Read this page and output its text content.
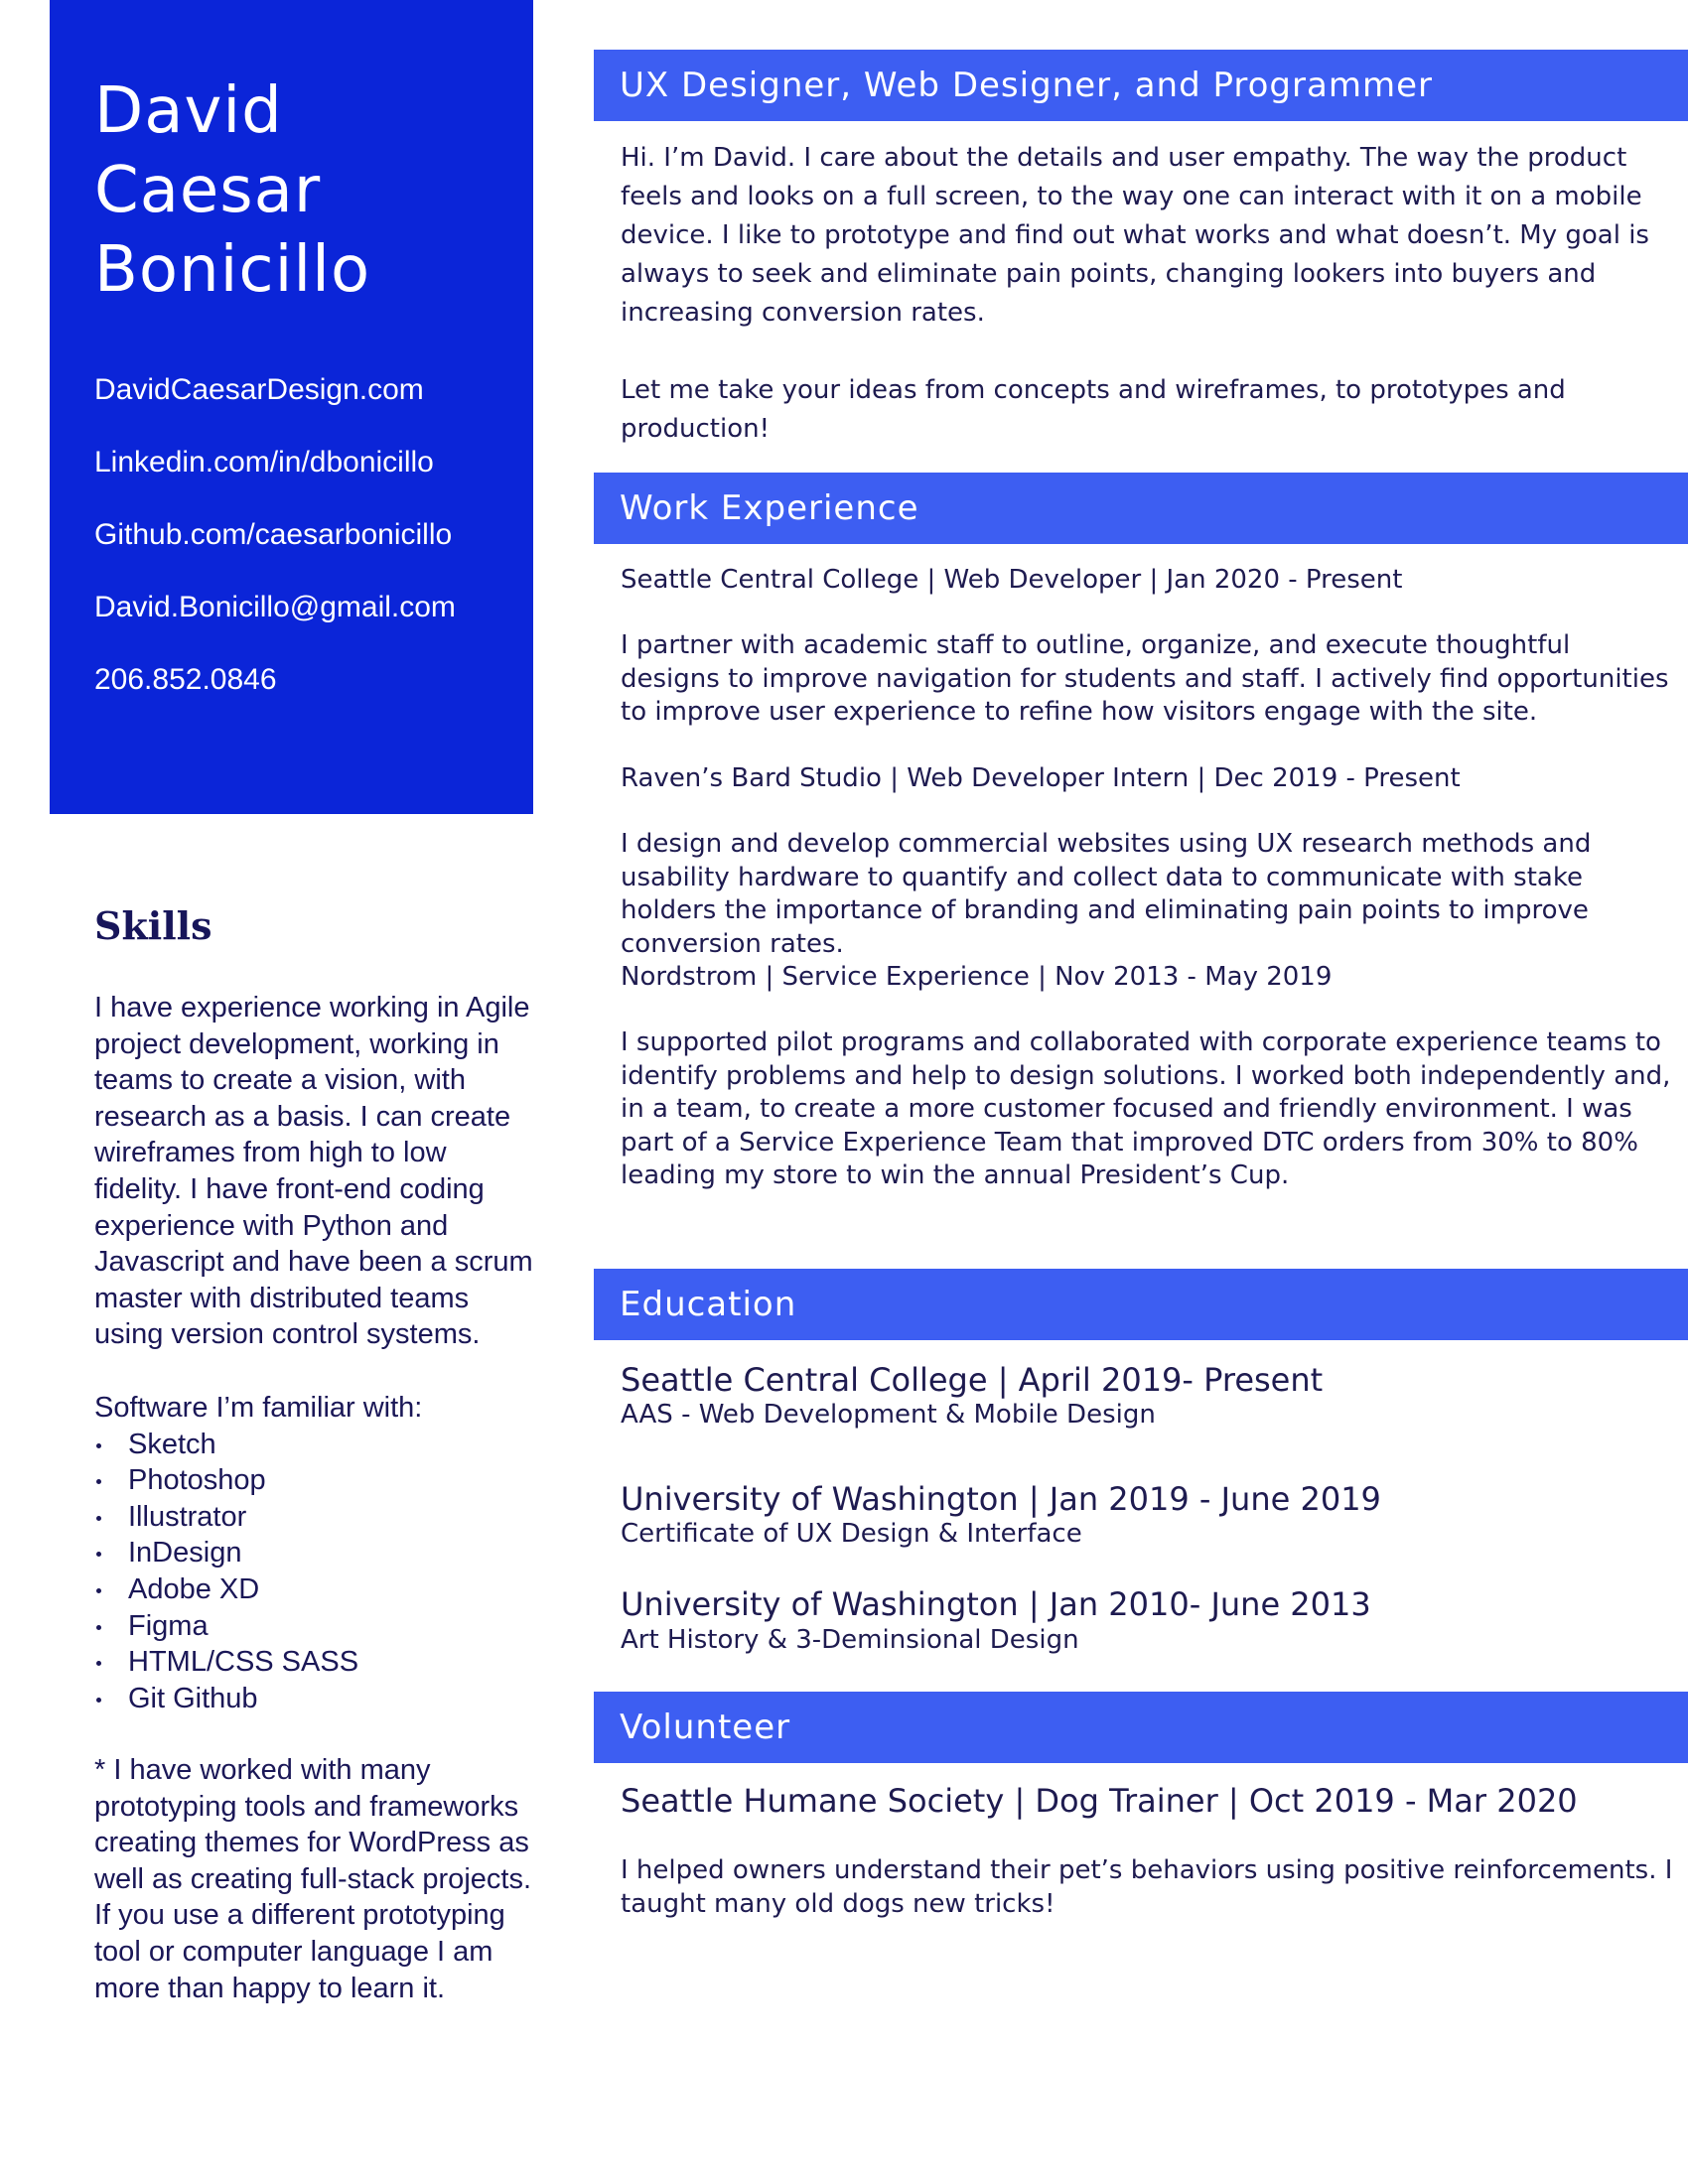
David
Caesar
Bonicillo
DavidCaesarDesign.com
Linkedin.com/in/dbonicillo
Github.com/caesarbonicillo
David.Bonicillo@gmail.com
206.852.0846
Skills

I have experience working in Agile project development, working in teams to create a vision, with research as a basis. I can create wireframes from high to low fidelity. I have front-end coding experience with Python and Javascript and have been a scrum master with distributed teams using version control systems.

Software I’m familiar with:

Sketch
Photoshop
Illustrator
InDesign
Adobe XD
Figma
HTML/CSS SASS
Git Github

* I have worked with many prototyping tools and frameworks creating themes for WordPress as well as creating full-stack projects. If you use a different prototyping tool or computer language I am more than happy to learn it.

UX Designer, Web Designer, and Programmer

Hi. I’m David. I care about the details and user empathy. The way the product feels and looks on a full screen, to the way one can interact with it on a mobile device. I like to prototype and find out what works and what doesn’t. My goal is always to seek and eliminate pain points, changing lookers into buyers and increasing conversion rates.

Let me take your ideas from concepts and wireframes, to prototypes and production!

Work Experience
Seattle Central College | Web Developer | Jan 2020 - Present
I partner with academic staff to outline, organize, and execute thoughtful designs to improve navigation for students and staff. I actively find opportunities to improve user experience to refine how visitors engage with the site.
Raven’s Bard Studio | Web Developer Intern | Dec 2019 - Present
I design and develop commercial websites using UX research methods and usability hardware to quantify and collect data to communicate with stake holders the importance of branding and eliminating pain points to improve conversion rates.
Nordstrom | Service Experience | Nov 2013 - May 2019
I supported pilot programs and collaborated with corporate experience teams to identify problems and help to design solutions. I worked both independently and, in a team, to create a more customer focused and friendly environment. I was part of a Service Experience Team that improved DTC orders from 30% to 80% leading my store to win the annual President’s Cup.
Education
Seattle Central College | April 2019- Present
AAS - Web Development & Mobile Design
University of Washington | Jan 2019 - June 2019
Certificate of UX Design & Interface
University of Washington | Jan 2010- June 2013
Art History & 3-Deminsional Design
Volunteer
Seattle Humane Society | Dog Trainer | Oct 2019 - Mar 2020
I helped owners understand their pet’s behaviors using positive reinforcements. I taught many old dogs new tricks!
